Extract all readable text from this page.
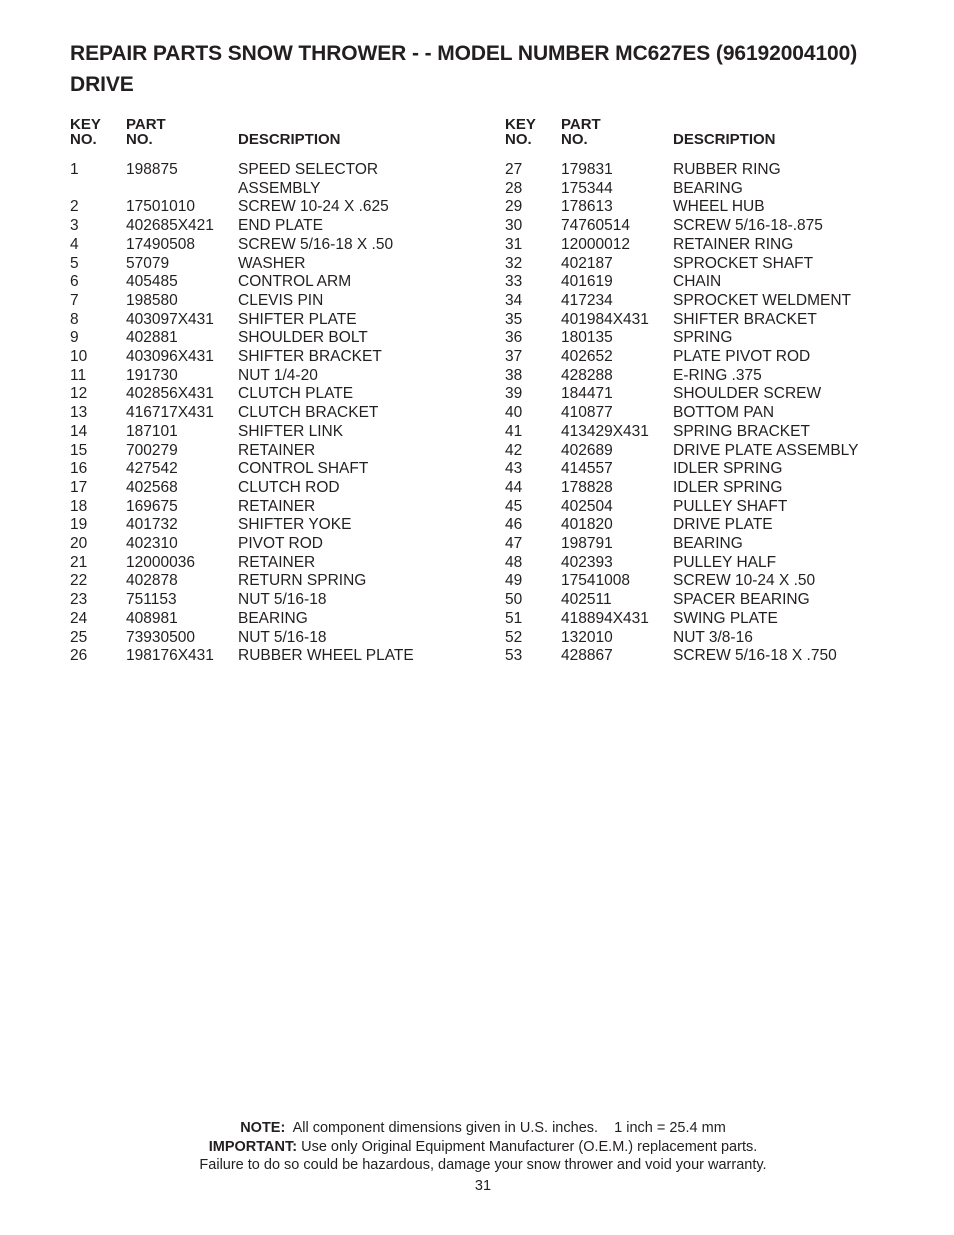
REPAIR PARTS SNOW THROWER - - MODEL NUMBER MC627ES (96192004100)
DRIVE
KEY
NO.
PART
NO.	DESCRIPTION
1	198875	SPEED SELECTOR
ASSEMBLY
2	17501010	SCREW 10-24 X .625
3	402685X421	END PLATE
4	17490508	SCREW 5/16-18 X .50
5	57079	WASHER
6	405485	CONTROL ARM
7	198580	CLEVIS PIN
8	403097X431	SHIFTER PLATE
9	402881	SHOULDER BOLT
10	403096X431	SHIFTER BRACKET
11	191730	NUT 1/4-20
12	402856X431	CLUTCH PLATE
13	416717X431	CLUTCH BRACKET
14	187101	SHIFTER LINK
15	700279	RETAINER
16	427542	CONTROL SHAFT
17	402568	CLUTCH ROD
18	169675	RETAINER
19	401732	SHIFTER YOKE
20	402310	PIVOT ROD
21	12000036	RETAINER
22	402878	RETURN SPRING
23	751153	NUT 5/16-18
24	408981	BEARING
25	73930500	NUT 5/16-18
26	198176X431	RUBBER WHEEL PLATE
KEY
NO.
PART
NO.	DESCRIPTION
27	179831	RUBBER RING
28	175344	BEARING
29	178613	WHEEL HUB
30	74760514	SCREW 5/16-18-.875
31	12000012	RETAINER RING
32	402187	SPROCKET SHAFT
33	401619	CHAIN
34	417234	SPROCKET WELDMENT
35	401984X431	SHIFTER BRACKET
36	180135	SPRING
37	402652	PLATE PIVOT ROD
38	428288	E-RING .375
39	184471	SHOULDER SCREW
40	410877	BOTTOM PAN
41	413429X431	SPRING BRACKET
42	402689	DRIVE PLATE ASSEMBLY
43	414557	IDLER SPRING
44	178828	IDLER SPRING
45	402504	PULLEY SHAFT
46	401820	DRIVE PLATE
47	198791	BEARING
48	402393	PULLEY HALF
49	17541008	SCREW 10-24 X .50
50	402511	SPACER BEARING
51	418894X431	SWING PLATE
52	132010	NUT 3/8-16
53	428867	SCREW 5/16-18 X .750
NOTE:  All component dimensions given in U.S. inches.    1 inch = 25.4 mm
IMPORTANT: Use only Original Equipment Manufacturer (O.E.M.) replacement parts.
Failure to do so could be hazardous, damage your snow thrower and void your warranty.
31
